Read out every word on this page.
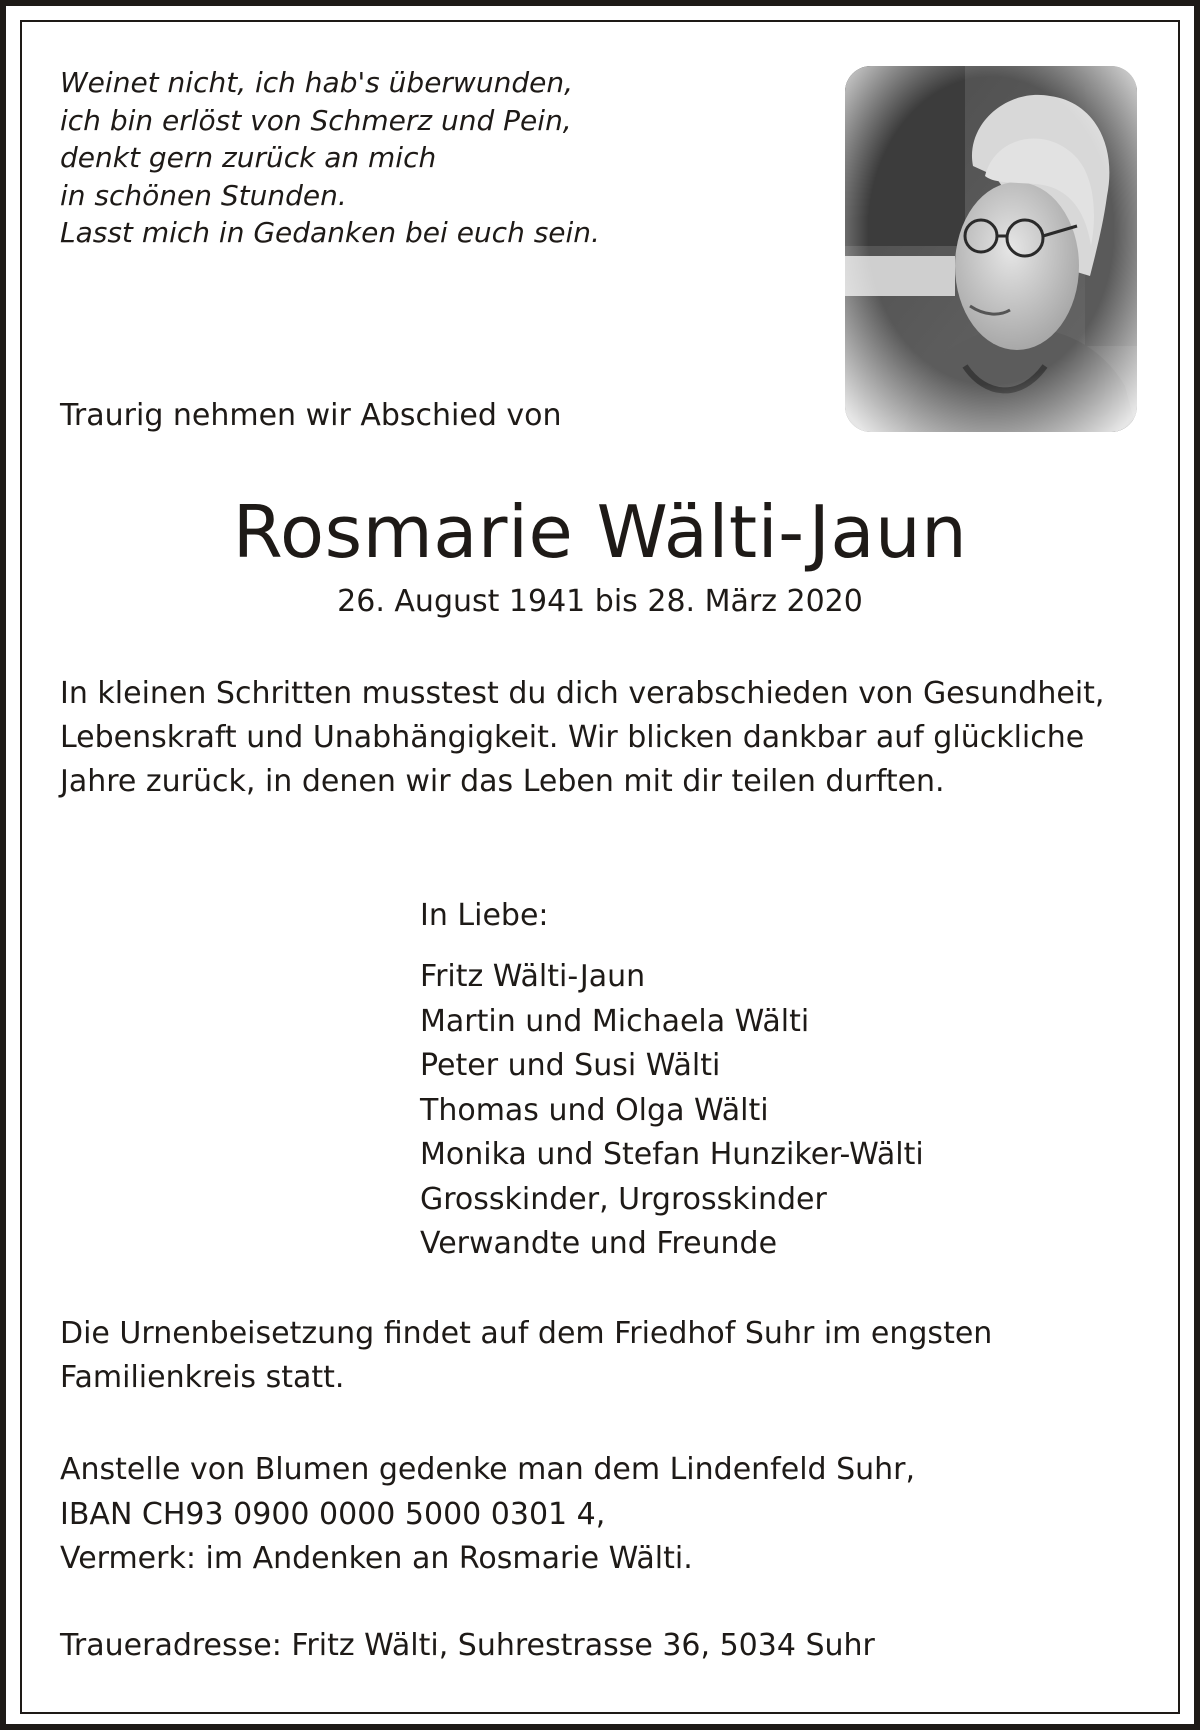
Weinet nicht, ich hab's überwunden,
ich bin erlöst von Schmerz und Pein,
denkt gern zurück an mich
in schönen Stunden.
Lasst mich in Gedanken bei euch sein.
Traurig nehmen wir Abschied von
Rosmarie Wälti-Jaun
26. August 1941 bis 28. März 2020

In kleinen Schritten musstest du dich verabschieden von Gesundheit, Lebenskraft und Unabhängigkeit. Wir blicken dankbar auf glückliche Jahre zurück, in denen wir das Leben mit dir teilen durften.

In Liebe:
Fritz Wälti-Jaun
Martin und Michaela Wälti
Peter und Susi Wälti
Thomas und Olga Wälti
Monika und Stefan Hunziker-Wälti
Grosskinder, Urgrosskinder
Verwandte und Freunde

Die Urnenbeisetzung findet auf dem Friedhof Suhr im engsten Familienkreis statt.

Anstelle von Blumen gedenke man dem Lindenfeld Suhr,
IBAN CH93 0900 0000 5000 0301 4,
Vermerk: im Andenken an Rosmarie Wälti.
Traueradresse: Fritz Wälti, Suhrestrasse 36, 5034 Suhr
